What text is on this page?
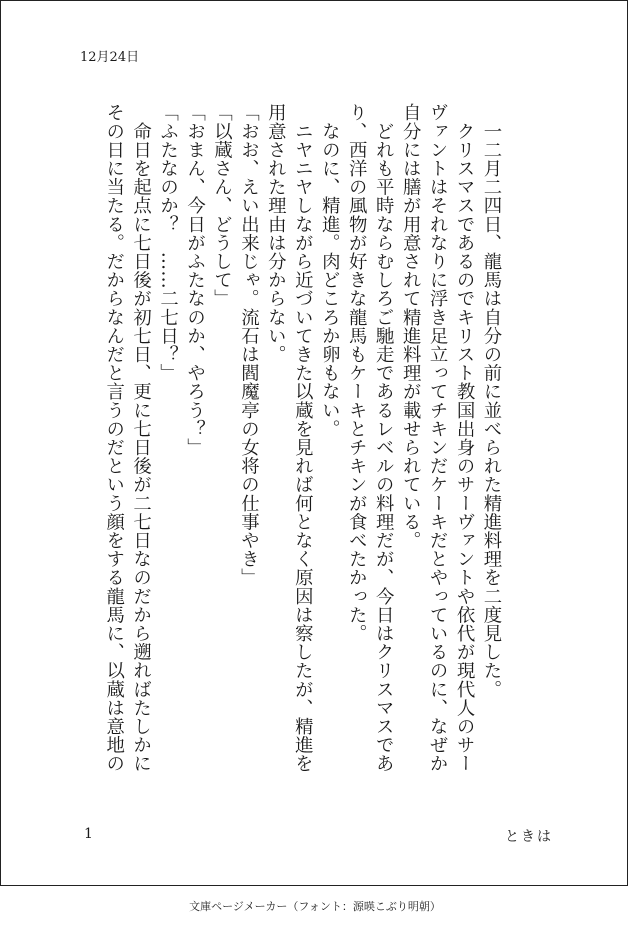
12月24日
　一二月二四日、龍馬は自分の前に並べられた精進料理を二度見した。
　クリスマスであるのでキリスト教国出身のサーヴァントや依代が現代人のサー
ヴァントはそれなりに浮き足立ってチキンだケーキだとやっているのに、なぜか
自分には膳が用意されて精進料理が載せられている。
　どれも平時ならむしろご馳走であるレベルの料理だが、今日はクリスマスであ
り、西洋の風物が好きな龍馬もケーキとチキンが食べたかった。
　なのに、精進。肉どころか卵もない。
　ニヤニヤしながら近づいてきた以蔵を見れば何となく原因は察したが、精進を
用意された理由は分からない。
「おお、えい出来じゃ。流石は閻魔亭の女将の仕事やき」
「以蔵さん、どうして」
「おまん、今日がふたなのか、やろう？」
「ふたなのか？　……二七日？」
　命日を起点に七日後が初七日、更に七日後が二七日なのだから遡ればたしかに
その日に当たる。だからなんだと言うのだという顔をする龍馬に、以蔵は意地の
1	ときは
文庫ページメーカー（フォント：源暎こぶり明朝）
